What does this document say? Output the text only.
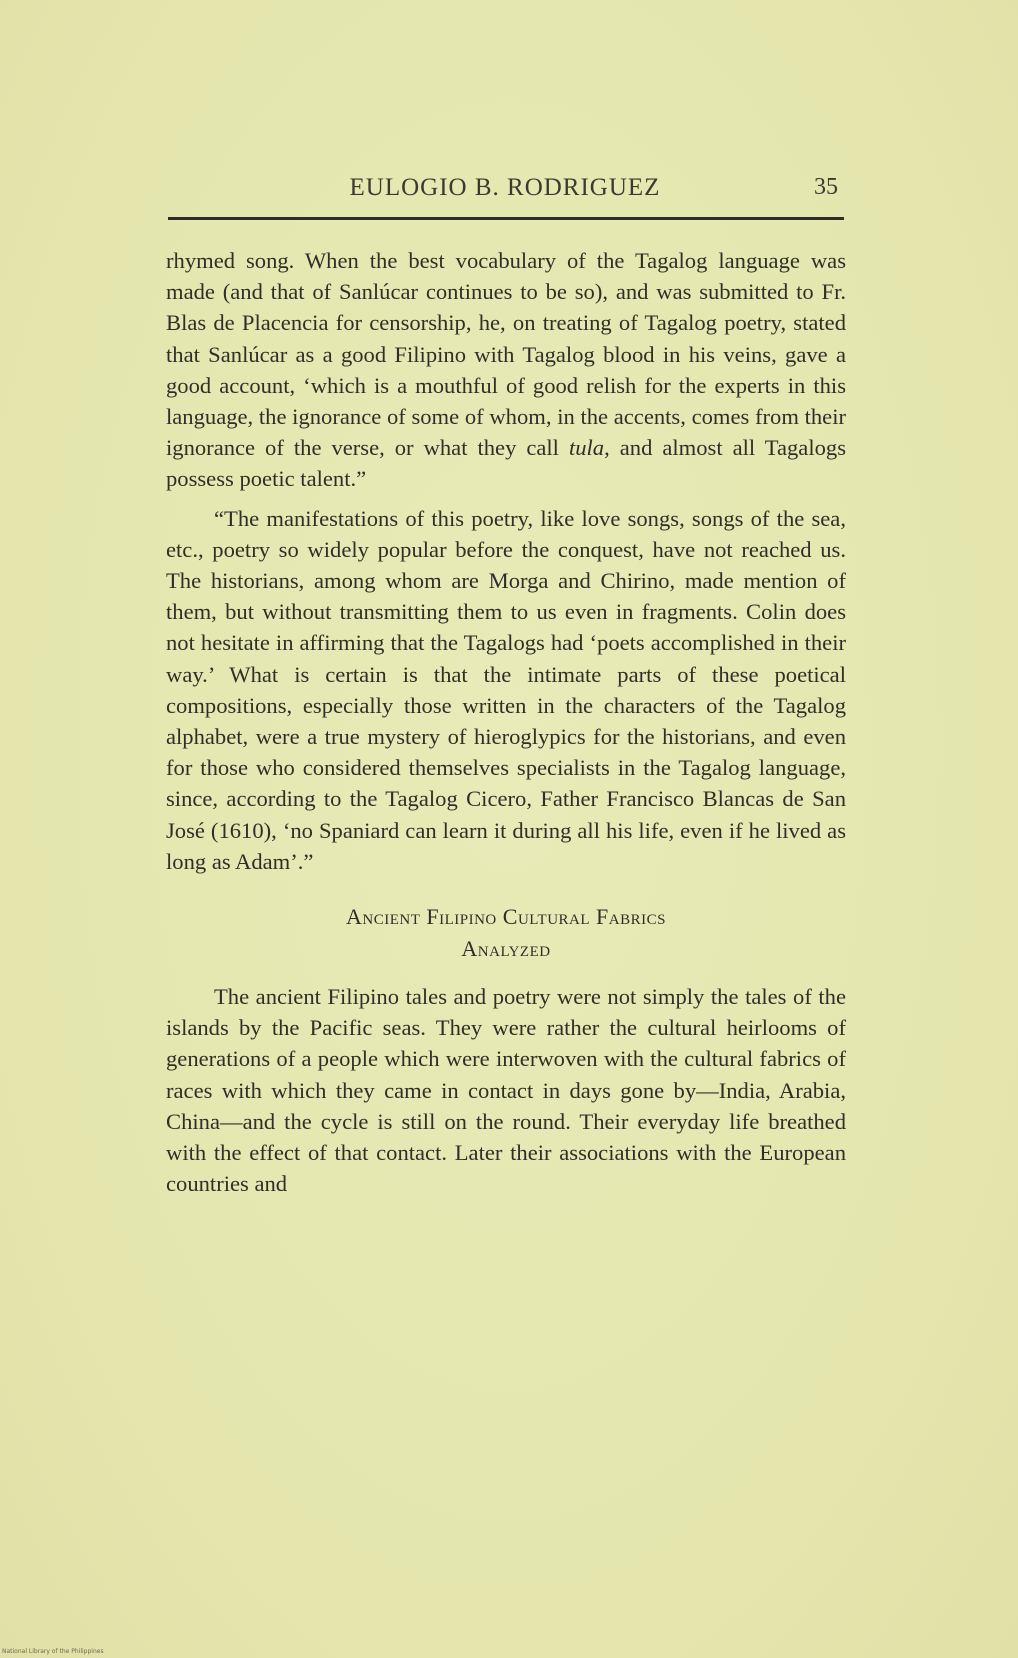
EULOGIO B. RODRIGUEZ	35

rhymed song. When the best vocabulary of the Tagalog language was made (and that of Sanlúcar continues to be so), and was submitted to Fr. Blas de Placencia for censorship, he, on treating of Tagalog poetry, stated that Sanlúcar as a good Filipino with Tagalog blood in his veins, gave a good account, ‘which is a mouthful of good relish for the experts in this language, the ignorance of some of whom, in the accents, comes from their ignorance of the verse, or what they call tula, and almost all Tagalogs possess poetic talent.”

“The manifestations of this poetry, like love songs, songs of the sea, etc., poetry so widely popular before the conquest, have not reached us. The historians, among whom are Morga and Chirino, made mention of them, but without transmitting them to us even in fragments. Colin does not hesitate in affirming that the Tagalogs had ‘poets accomplished in their way.’ What is certain is that the intimate parts of these poetical compositions, especially those written in the characters of the Tagalog alphabet, were a true mystery of hieroglypics for the historians, and even for those who considered themselves specialists in the Tagalog language, since, according to the Tagalog Cicero, Father Francisco Blancas de San José (1610), ‘no Spaniard can learn it during all his life, even if he lived as long as Adam’.”

Ancient Filipino Cultural Fabrics
Analyzed

The ancient Filipino tales and poetry were not simply the tales of the islands by the Pacific seas. They were rather the cultural heirlooms of generations of a people which were interwoven with the cultural fabrics of races with which they came in contact in days gone by—India, Arabia, China—and the cycle is still on the round. Their everyday life breathed with the effect of that contact. Later their associations with the European countries and

National Library of the Philippines
